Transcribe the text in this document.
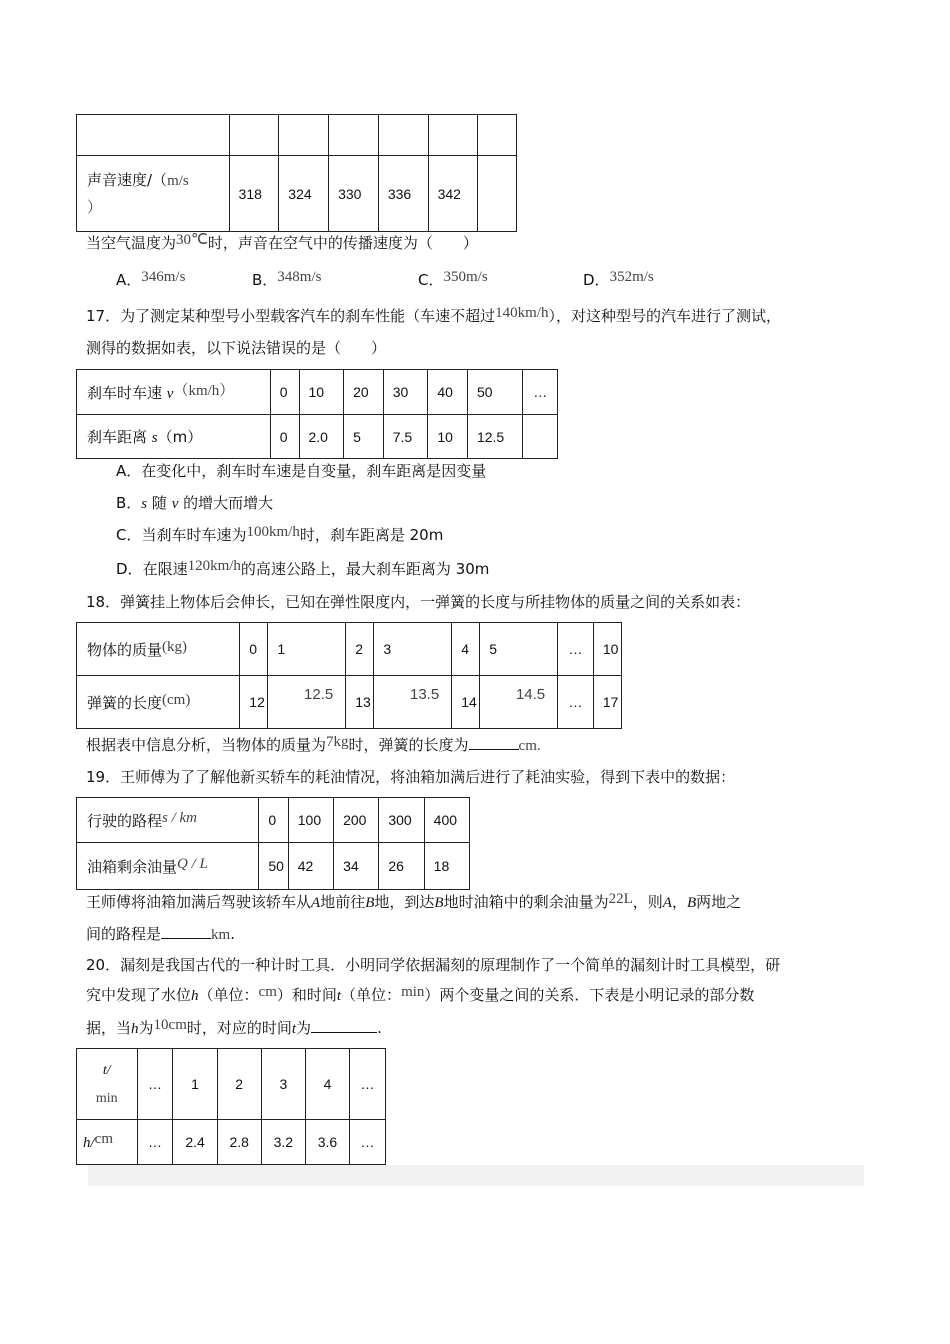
声音速度/（m/s
）	318	324	330	336	342	
当空气温度为30℃时，声音在空气中的传播速度为（　　）
A．346m/s	B．348m/s	C．350m/s	D．352m/s
17．为了测定某种型号小型载客汽车的刹车性能（车速不超过140km/h），对这种型号的汽车进行了测试，
测得的数据如表，以下说法错误的是（　　）
刹车时车速 v（km/h）	0	10	20	30	40	50	…
刹车距离 s（m）	0	2.0	5	7.5	10	12.5	
A．在变化中，刹车时车速是自变量，刹车距离是因变量
B．s 随 v 的增大而增大
C．当刹车时车速为100km/h时，刹车距离是 20m
D．在限速120km/h的高速公路上，最大刹车距离为 30m
18．弹簧挂上物体后会伸长，已知在弹性限度内，一弹簧的长度与所挂物体的质量之间的关系如表：
物体的质量(kg)	0	1	2	3	4	5	…	10
弹簧的长度(cm)	12	12.5	13	13.5	14	14.5	…	17
根据表中信息分析，当物体的质量为7kg时，弹簧的长度为	cm.
19．王师傅为了了解他新买轿车的耗油情况，将油箱加满后进行了耗油实验，得到下表中的数据：
行驶的路程s / km	0	100	200	300	400
油箱剩余油量Q / L	50	42	34	26	18
王师傅将油箱加满后驾驶该轿车从A地前往B地，到达B地时油箱中的剩余油量为22L，则A，B两地之
间的路程是	km.
20．漏刻是我国古代的一种计时工具．小明同学依据漏刻的原理制作了一个简单的漏刻计时工具模型，研
究中发现了水位h（单位：cm）和时间t（单位：min）两个变量之间的关系．下表是小明记录的部分数
据，当h为10cm时，对应的时间t为	.
t/
min	…	1	2	3	4	…
h/cm	…	2.4	2.8	3.2	3.6	…
